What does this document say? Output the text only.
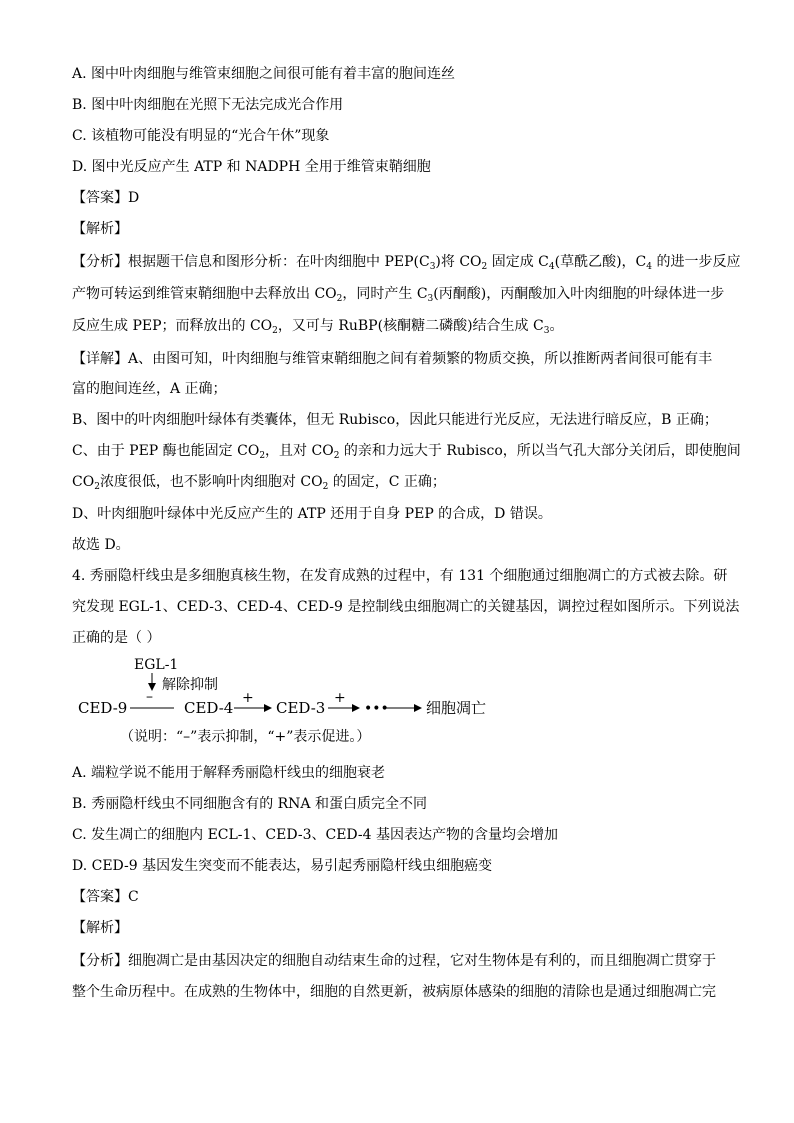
A. 图中叶肉细胞与维管束细胞之间很可能有着丰富的胞间连丝
B. 图中叶肉细胞在光照下无法完成光合作用
C. 该植物可能没有明显的“光合午休”现象
D. 图中光反应产生 ATP 和 NADPH 全用于维管束鞘细胞
【答案】D
【解析】
【分析】根据题干信息和图形分析：在叶肉细胞中 $PEP(C_3)$将 $CO_2$ 固定成 $C_4$(草酰乙酸)，$C_4$ 的进一步反应
产物可转运到维管束鞘细胞中去释放出 $CO_2$，同时产生 $C_3$(丙酮酸)，丙酮酸加入叶肉细胞的叶绿体进一步
反应生成 PEP；而释放出的 $CO_2$，又可与 RuBP(核酮糖二磷酸)结合生成 $C_3$。
【详解】A、由图可知，叶肉细胞与维管束鞘细胞之间有着频繁的物质交换，所以推断两者间很可能有丰
富的胞间连丝，A 正确；
B、图中的叶肉细胞叶绿体有类囊体，但无 Rubisco，因此只能进行光反应，无法进行暗反应，B 正确；
C、由于 PEP 酶也能固定 $CO_2$，且对 $CO_2$ 的亲和力远大于 Rubisco，所以当气孔大部分关闭后，即使胞间
$CO_2$浓度很低，也不影响叶肉细胞对 $CO_2$ 的固定，C 正确；
D、叶肉细胞叶绿体中光反应产生的 ATP 还用于自身 PEP 的合成，D 错误。
故选 D。
4. 秀丽隐杆线虫是多细胞真核生物，在发育成熟的过程中，有 131 个细胞通过细胞凋亡的方式被去除。研
究发现 EGL-1、CED-3、CED-4、CED-9 是控制线虫细胞凋亡的关键基因，调控过程如图所示。下列说法
正确的是（ ）
EGL-1
解除抑制
CED-9
–
CED-4
+
CED-3
+
••• 细胞凋亡
（说明：“–”表示抑制，“+”表示促进。）
A. 端粒学说不能用于解释秀丽隐杆线虫的细胞衰老
B. 秀丽隐杆线虫不同细胞含有的 RNA 和蛋白质完全不同
C. 发生凋亡的细胞内 ECL-1、CED-3、CED-4 基因表达产物的含量均会增加
D. CED-9 基因发生突变而不能表达，易引起秀丽隐杆线虫细胞癌变
【答案】C
【解析】
【分析】细胞凋亡是由基因决定的细胞自动结束生命的过程，它对生物体是有利的，而且细胞凋亡贯穿于
整个生命历程中。在成熟的生物体中，细胞的自然更新，被病原体感染的细胞的清除也是通过细胞凋亡完
